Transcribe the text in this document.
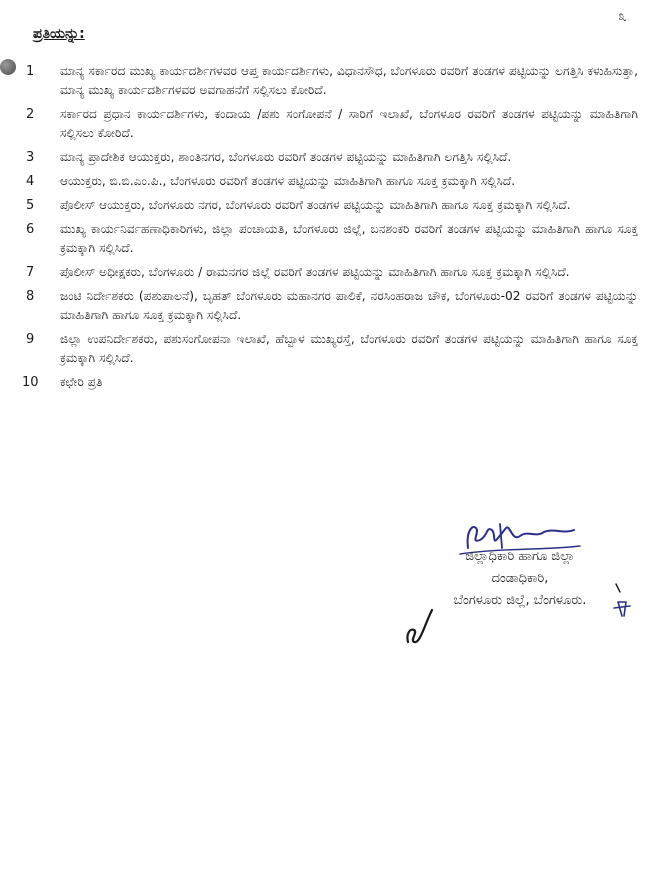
೩
ಪ್ರತಿಯನ್ನು:
1	ಮಾನ್ಯ ಸರ್ಕಾರದ ಮುಖ್ಯ ಕಾರ್ಯದರ್ಶಿಗಳವರ ಆಪ್ತ ಕಾರ್ಯದರ್ಶಿಗಳು, ವಿಧಾನಸೌಧ, ಬೆಂಗಳೂರು ರವರಿಗೆ ತಂಡಗಳ ಪಟ್ಟಿಯನ್ನು ಲಗತ್ತಿಸಿ ಕಳುಹಿಸುತ್ತಾ, ಮಾನ್ಯ ಮುಖ್ಯ ಕಾರ್ಯದರ್ಶಿಗಳವರ ಅವಗಾಹನೆಗೆ ಸಲ್ಲಿಸಲು ಕೋರಿದೆ.
2	ಸರ್ಕಾರದ ಪ್ರಧಾನ ಕಾರ್ಯದರ್ಶಿಗಳು, ಕಂದಾಯ /ಪಶು ಸಂಗೋಪನೆ / ಸಾರಿಗೆ ಇಲಾಖೆ, ಬೆಂಗಳೂರ ರವರಿಗೆ ತಂಡಗಳ ಪಟ್ಟಿಯನ್ನು ಮಾಹಿತಿಗಾಗಿ ಸಲ್ಲಿಸಲು ಕೋರಿದೆ.
3	ಮಾನ್ಯ ಪ್ರಾದೇಶಿಕ ಆಯುಕ್ತರು, ಶಾಂತಿನಗರ, ಬೆಂಗಳೂರು ರವರಿಗೆ ತಂಡಗಳ ಪಟ್ಟಿಯನ್ನು ಮಾಹಿತಿಗಾಗಿ ಲಗತ್ತಿಸಿ ಸಲ್ಲಿಸಿದೆ.
4	ಆಯುಕ್ತರು, ಬಿ.ಬಿ.ಎಂ.ಪಿ., ಬೆಂಗಳೂರು ರವರಿಗೆ ತಂಡಗಳ ಪಟ್ಟಿಯನ್ನು ಮಾಹಿತಿಗಾಗಿ ಹಾಗೂ ಸೂಕ್ತ ಕ್ರಮಕ್ಕಾಗಿ ಸಲ್ಲಿಸಿದೆ.
5	ಪೊಲೀಸ್ ಆಯುಕ್ತರು, ಬೆಂಗಳೂರು ನಗರ, ಬೆಂಗಳೂರು ರವರಿಗೆ ತಂಡಗಳ ಪಟ್ಟಿಯನ್ನು ಮಾಹಿತಿಗಾಗಿ ಹಾಗೂ ಸೂಕ್ತ ಕ್ರಮಕ್ಕಾಗಿ ಸಲ್ಲಿಸಿದೆ.
6	ಮುಖ್ಯ ಕಾರ್ಯನಿರ್ವಹಣಾಧಿಕಾರಿಗಳು, ಜಿಲ್ಲಾ ಪಂಚಾಯತಿ, ಬೆಂಗಳೂರು ಜಿಲ್ಲೆ, ಬನಶಂಕರಿ ರವರಿಗೆ ತಂಡಗಳ ಪಟ್ಟಿಯನ್ನು ಮಾಹಿತಿಗಾಗಿ ಹಾಗೂ ಸೂಕ್ತ ಕ್ರಮಕ್ಕಾಗಿ ಸಲ್ಲಿಸಿದೆ.
7	ಪೊಲೀಸ್ ಅಧೀಕ್ಷಕರು, ಬೆಂಗಳೂರು / ರಾಮನಗರ ಜಿಲ್ಲೆ ರವರಿಗೆ ತಂಡಗಳ ಪಟ್ಟಿಯನ್ನು ಮಾಹಿತಿಗಾಗಿ ಹಾಗೂ ಸೂಕ್ತ ಕ್ರಮಕ್ಕಾಗಿ ಸಲ್ಲಿಸಿದೆ.
8	ಜಂಟಿ ನಿರ್ದೇಶಕರು (ಪಶುಪಾಲನೆ), ಬೃಹತ್ ಬೆಂಗಳೂರು ಮಹಾನಗರ ಪಾಲಿಕೆ, ನರಸಿಂಹರಾಜ ಚೌಕ, ಬೆಂಗಳೂರು-02 ರವರಿಗೆ ತಂಡಗಳ ಪಟ್ಟಿಯನ್ನು ಮಾಹಿತಿಗಾಗಿ ಹಾಗೂ ಸೂಕ್ತ ಕ್ರಮಕ್ಕಾಗಿ ಸಲ್ಲಿಸಿದೆ.
9	ಜಿಲ್ಲಾ ಉಪನಿರ್ದೇಶಕರು, ಪಶುಸಂಗೋಪನಾ ಇಲಾಖೆ, ಹೆಬ್ಬಾಳ ಮುಖ್ಯರಸ್ತೆ, ಬೆಂಗಳೂರು ರವರಿಗೆ ತಂಡಗಳ ಪಟ್ಟಿಯನ್ನು ಮಾಹಿತಿಗಾಗಿ ಹಾಗೂ ಸೂಕ್ತ ಕ್ರಮಕ್ಕಾಗಿ ಸಲ್ಲಿಸಿದೆ.
10	ಕಛೇರಿ ಪ್ರತಿ
ಜಿಲ್ಲಾಧಿಕಾರಿ ಹಾಗೂ ಜಿಲ್ಲಾ
ದಂಡಾಧಿಕಾರಿ,
ಬೆಂಗಳೂರು ಜಿಲ್ಲೆ, ಬೆಂಗಳೂರು.
